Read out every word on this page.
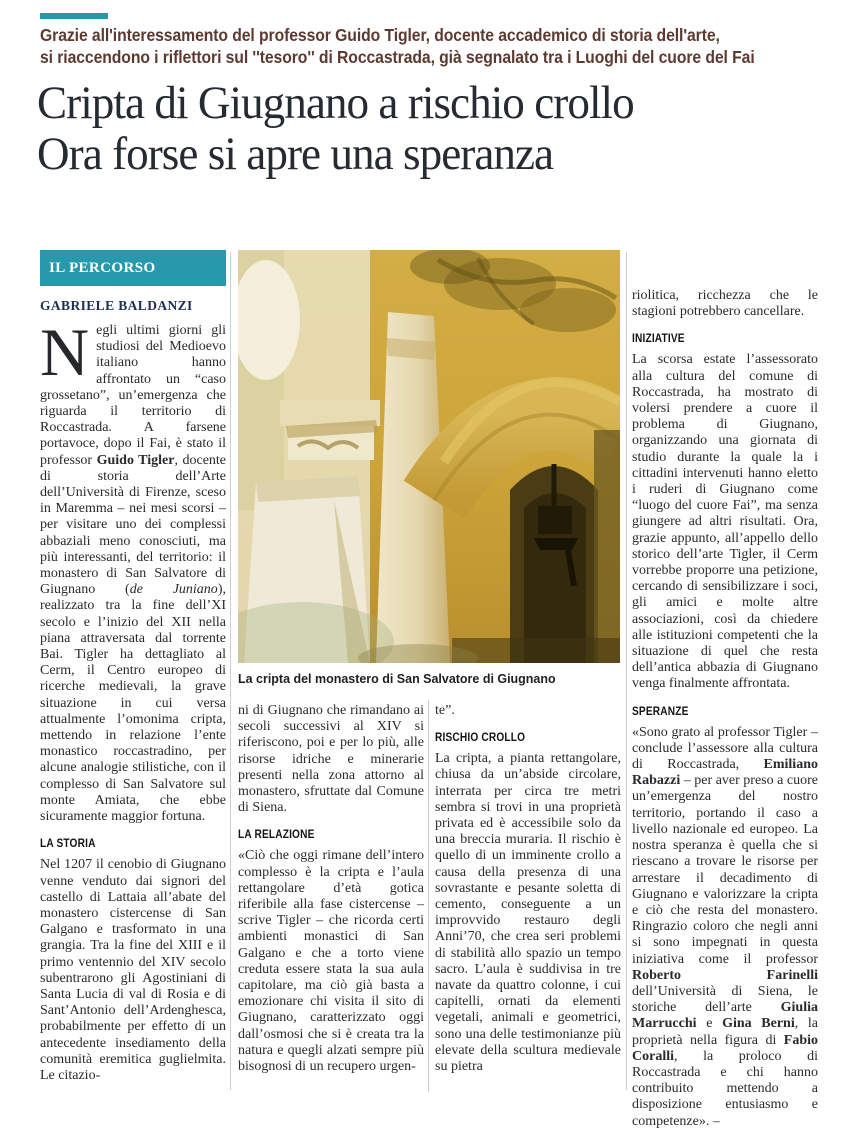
Grazie all'interessamento del professor Guido Tigler, docente accademico di storia dell'arte,
si riaccendono i riflettori sul ''tesoro'' di Roccastrada, già segnalato tra i Luoghi del cuore del Fai
Cripta di Giugnano a rischio crollo
Ora forse si apre una speranza
IL PERCORSO
GABRIELE BALDANZI

Negli ultimi giorni gli studiosi del Medioevo italiano hanno affrontato un “caso grossetano”, un’emergenza che riguarda il territorio di Roccastrada. A farsene portavoce, dopo il Fai, è stato il professor Guido Tigler, docente di storia dell’Arte dell’Università di Firenze, sceso in Maremma – nei mesi scorsi – per visitare uno dei complessi abbaziali meno conosciuti, ma più interessanti, del territorio: il monastero di San Salvatore di Giugnano (de Juniano), realizzato tra la fine dell’XI secolo e l’inizio del XII nella piana attraversata dal torrente Bai. Tigler ha dettagliato al Cerm, il Centro europeo di ricerche medievali, la grave situazione in cui versa attualmente l’omonima cripta, mettendo in relazione l’ente monastico roccastradino, per alcune analogie stilistiche, con il complesso di San Salvatore sul monte Amiata, che ebbe sicuramente maggior fortuna.

LA STORIA

Nel 1207 il cenobio di Giugnano venne venduto dai signori del castello di Lattaia all’abate del monastero cistercense di San Galgano e trasformato in una grangia. Tra la fine del XIII e il primo ventennio del XIV secolo subentrarono gli Agostiniani di Santa Lucia di val di Rosia e di Sant’Antonio dell’Ardenghesca, probabilmente per effetto di un antecedente insediamento della comunità eremitica guglielmita. Le citazio-

La cripta del monastero di San Salvatore di Giugnano

ni di Giugnano che rimandano ai secoli successivi al XIV si riferiscono, poi e per lo più, alle risorse idriche e minerarie presenti nella zona attorno al monastero, sfruttate dal Comune di Siena.

LA RELAZIONE

«Ciò che oggi rimane dell’intero complesso è la cripta e l’aula rettangolare d’età gotica riferibile alla fase cistercense – scrive Tigler – che ricorda certi ambienti monastici di San Galgano e che a torto viene creduta essere stata la sua aula capitolare, ma ciò già basta a emozionare chi visita il sito di Giugnano, caratterizzato oggi dall’osmosi che si è creata tra la natura e quegli alzati sempre più bisognosi di un recupero urgen-

te”.

RISCHIO CROLLO

La cripta, a pianta rettangolare, chiusa da un’abside circolare, interrata per circa tre metri sembra si trovi in una proprietà privata ed è accessibile solo da una breccia muraria. Il rischio è quello di un imminente crollo a causa della presenza di una sovrastante e pesante soletta di cemento, conseguente a un improvvido restauro degli Anni’70, che crea seri problemi di stabilità allo spazio un tempo sacro. L’aula è suddivisa in tre navate da quattro colonne, i cui capitelli, ornati da elementi vegetali, animali e geometrici, sono una delle testimonianze più elevate della scultura medievale su pietra

riolitica, ricchezza che le stagioni potrebbero cancellare.

INIZIATIVE

La scorsa estate l’assessorato alla cultura del comune di Roccastrada, ha mostrato di volersi prendere a cuore il problema di Giugnano, organizzando una giornata di studio durante la quale la i cittadini intervenuti hanno eletto i ruderi di Giugnano come “luogo del cuore Fai”, ma senza giungere ad altri risultati. Ora, grazie appunto, all’appello dello storico dell’arte Tigler, il Cerm vorrebbe proporre una petizione, cercando di sensibilizzare i soci, gli amici e molte altre associazioni, così da chiedere alle istituzioni competenti che la situazione di quel che resta dell’antica abbazia di Giugnano venga finalmente affrontata.

SPERANZE

«Sono grato al professor Tigler – conclude l’assessore alla cultura di Roccastrada, Emiliano Rabazzi – per aver preso a cuore un’emergenza del nostro territorio, portando il caso a livello nazionale ed europeo. La nostra speranza è quella che si riescano a trovare le risorse per arrestare il decadimento di Giugnano e valorizzare la cripta e ciò che resta del monastero. Ringrazio coloro che negli anni si sono impegnati in questa iniziativa come il professor Roberto Farinelli dell’Università di Siena, le storiche dell’arte Giulia Marrucchi e Gina Berni, la proprietà nella figura di Fabio Coralli, la proloco di Roccastrada e chi hanno contribuito mettendo a disposizione entusiasmo e competenze». –
